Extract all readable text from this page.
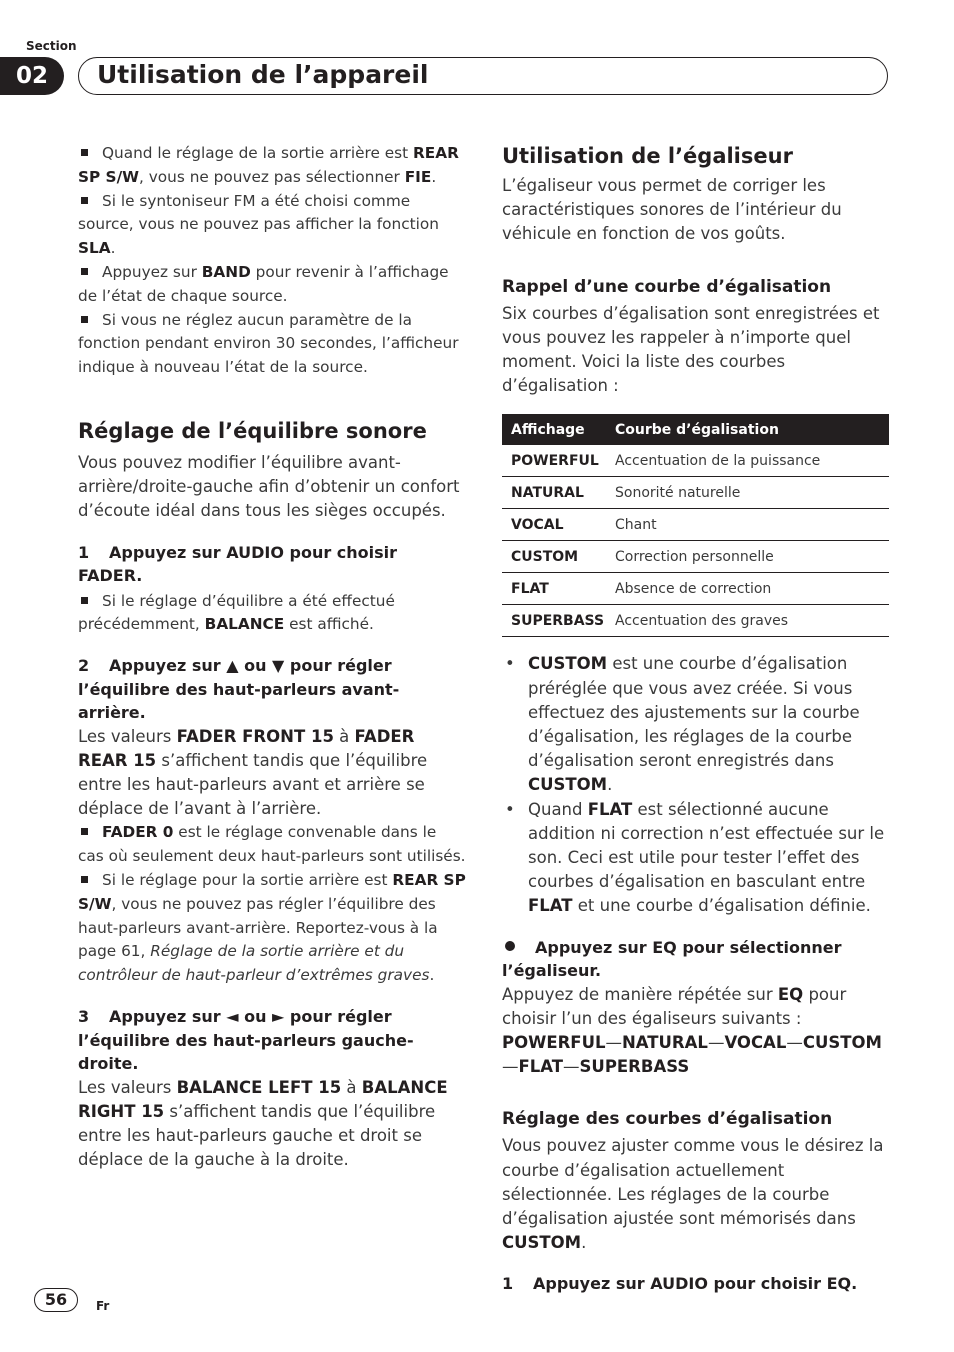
Section
02	Utilisation de l’appareil

Quand le réglage de la sortie arrière est REAR SP S/W, vous ne pouvez pas sélectionner FIE.

Si le syntoniseur FM a été choisi comme source, vous ne pouvez pas afficher la fonction SLA.

Appuyez sur BAND pour revenir à l’affichage de l’état de chaque source.

Si vous ne réglez aucun paramètre de la fonction pendant environ 30 secondes, l’afficheur indique à nouveau l’état de la source.

Réglage de l’équilibre sonore

Vous pouvez modifier l’équilibre avant-arrière/droite-gauche afin d’obtenir un confort d’écoute idéal dans tous les sièges occupés.

1 Appuyez sur AUDIO pour choisir FADER.

Si le réglage d’équilibre a été effectué précédemment, BALANCE est affiché.

2 Appuyez sur ▲ ou ▼ pour régler l’équilibre des haut-parleurs avant-arrière.

Les valeurs FADER FRONT 15 à FADER REAR 15 s’affichent tandis que l’équilibre entre les haut-parleurs avant et arrière se déplace de l’avant à l’arrière.

FADER 0 est le réglage convenable dans le cas où seulement deux haut-parleurs sont utilisés.

Si le réglage pour la sortie arrière est REAR SP S/W, vous ne pouvez pas régler l’équilibre des haut-parleurs avant-arrière. Reportez-vous à la page 61, Réglage de la sortie arrière et du contrôleur de haut-parleur d’extrêmes graves.

3 Appuyez sur ◄ ou ► pour régler l’équilibre des haut-parleurs gauche-droite.

Les valeurs BALANCE LEFT 15 à BALANCE RIGHT 15 s’affichent tandis que l’équilibre entre les haut-parleurs gauche et droit se déplace de la gauche à la droite.

Utilisation de l’égaliseur

L’égaliseur vous permet de corriger les caractéristiques sonores de l’intérieur du véhicule en fonction de vos goûts.

Rappel d’une courbe d’égalisation

Six courbes d’égalisation sont enregistrées et vous pouvez les rappeler à n’importe quel moment. Voici la liste des courbes d’égalisation :

Affichage	Courbe d’égalisation
POWERFUL	Accentuation de la puissance
NATURAL	Sonorité naturelle
VOCAL	Chant
CUSTOM	Correction personnelle
FLAT	Absence de correction
SUPERBASS	Accentuation des graves
• CUSTOM est une courbe d’égalisation préréglée que vous avez créée. Si vous effectuez des ajustements sur la courbe d’égalisation, les réglages de la courbe d’égalisation seront enregistrés dans CUSTOM.
• Quand FLAT est sélectionné aucune addition ni correction n’est effectuée sur le son. Ceci est utile pour tester l’effet des courbes d’égalisation en basculant entre FLAT et une courbe d’égalisation définie.

Appuyez sur EQ pour sélectionner l’égaliseur.

Appuyez de manière répétée sur EQ pour choisir l’un des égaliseurs suivants :

POWERFUL—NATURAL—VOCAL—CUSTOM —FLAT—SUPERBASS

Réglage des courbes d’égalisation

Vous pouvez ajuster comme vous le désirez la courbe d’égalisation actuellement sélectionnée. Les réglages de la courbe d’égalisation ajustée sont mémorisés dans CUSTOM.

1 Appuyez sur AUDIO pour choisir EQ.

56	Fr
